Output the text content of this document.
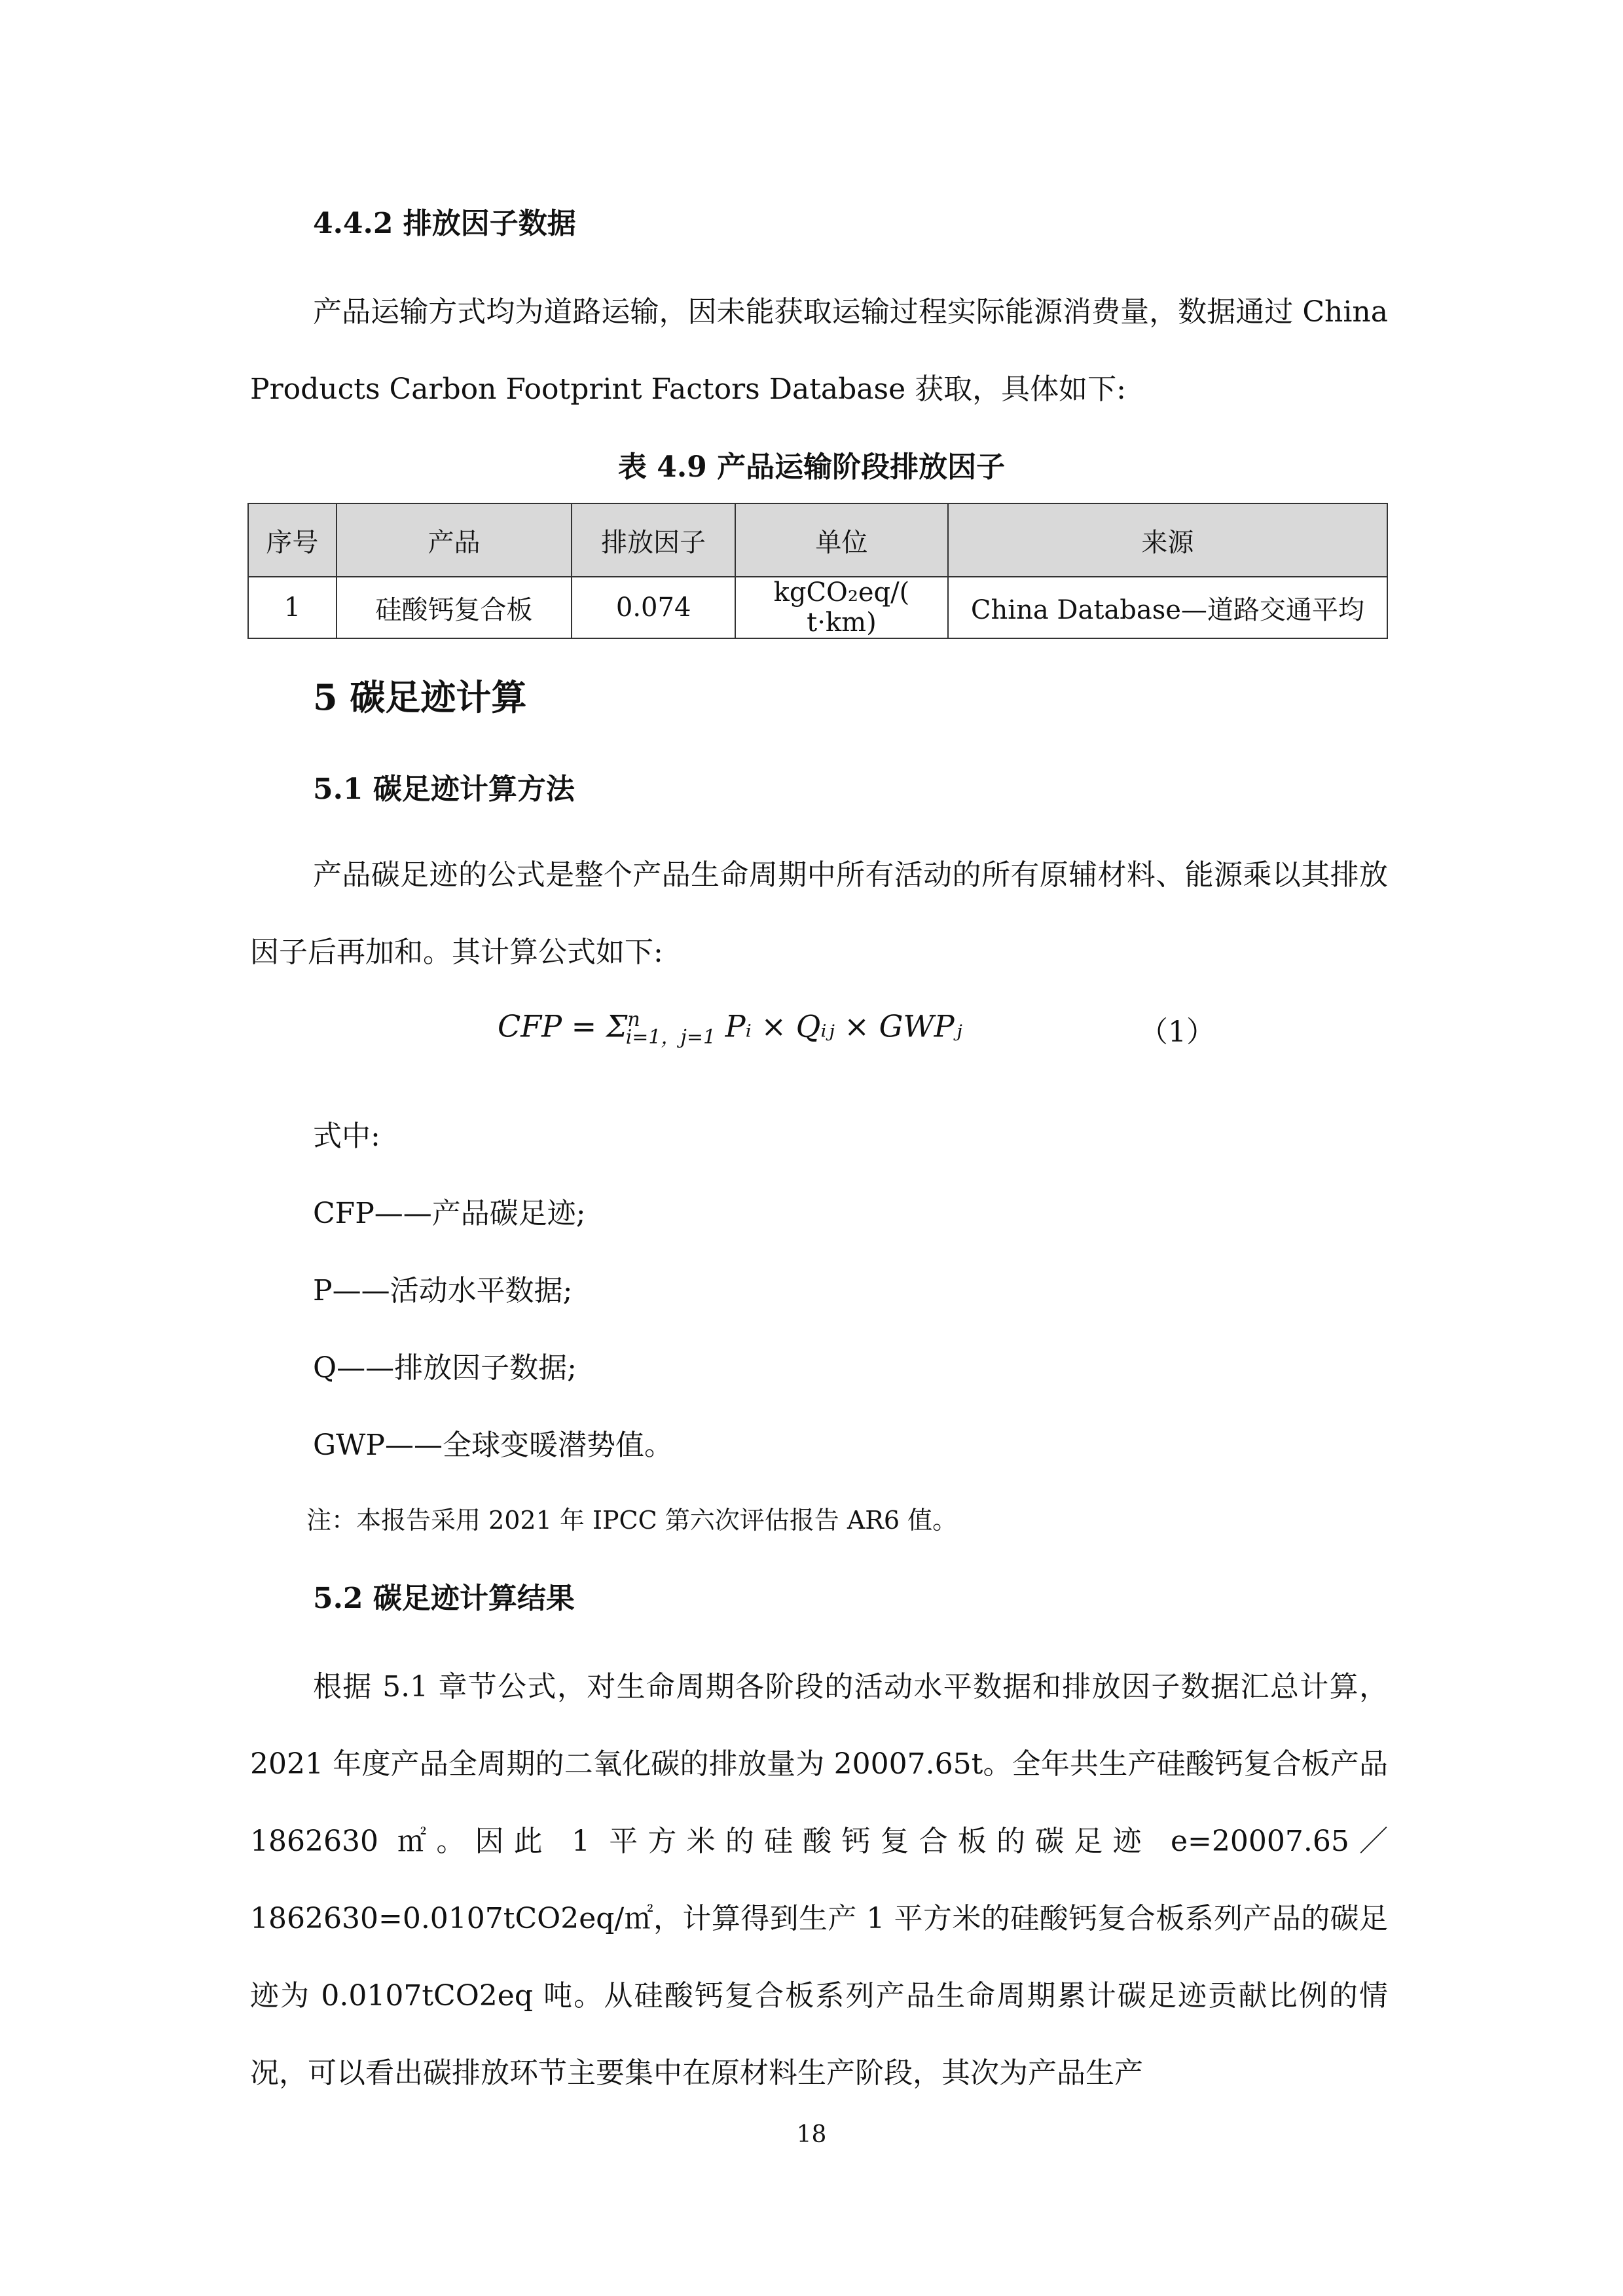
4.4.2 排放因子数据

产品运输方式均为道路运输，因未能获取运输过程实际能源消费量，数据通过 China Products Carbon Footprint Factors Database 获取，具体如下:

表 4.9 产品运输阶段排放因子
序号	产品	排放因子	单位	来源
1	硅酸钙复合板	0.074	kgCO₂eq/( t·km)	China Database—道路交通平均
5 碳足迹计算
5.1 碳足迹计算方法

产品碳足迹的公式是整个产品生命周期中所有活动的所有原辅材料、能源乘以其排放因子后再加和。其计算公式如下:

CFP = $\Sigma^n_{i=1,j=1}$ Pᵢ × Qᵢⱼ × GWPⱼ	（1）
式中:
CFP——产品碳足迹;
P——活动水平数据;
Q——排放因子数据;
GWP——全球变暖潜势值。
注：本报告采用 2021 年 IPCC 第六次评估报告 AR6 值。
5.2 碳足迹计算结果

根据 5.1 章节公式，对生命周期各阶段的活动水平数据和排放因子数据汇总计算，2021 年度产品全周期的二氧化碳的排放量为 20007.65t。全年共生产硅酸钙复合板产品 1862630 ㎡。因此 1 平方米的硅酸钙复合板的碳足迹 e=20007.65／1862630=0.0107tCO2eq/㎡，计算得到生产 1 平方米的硅酸钙复合板系列产品的碳足迹为 0.0107tCO2eq 吨。从硅酸钙复合板系列产品生命周期累计碳足迹贡献比例的情况，可以看出碳排放环节主要集中在原材料生产阶段，其次为产品生产

18
